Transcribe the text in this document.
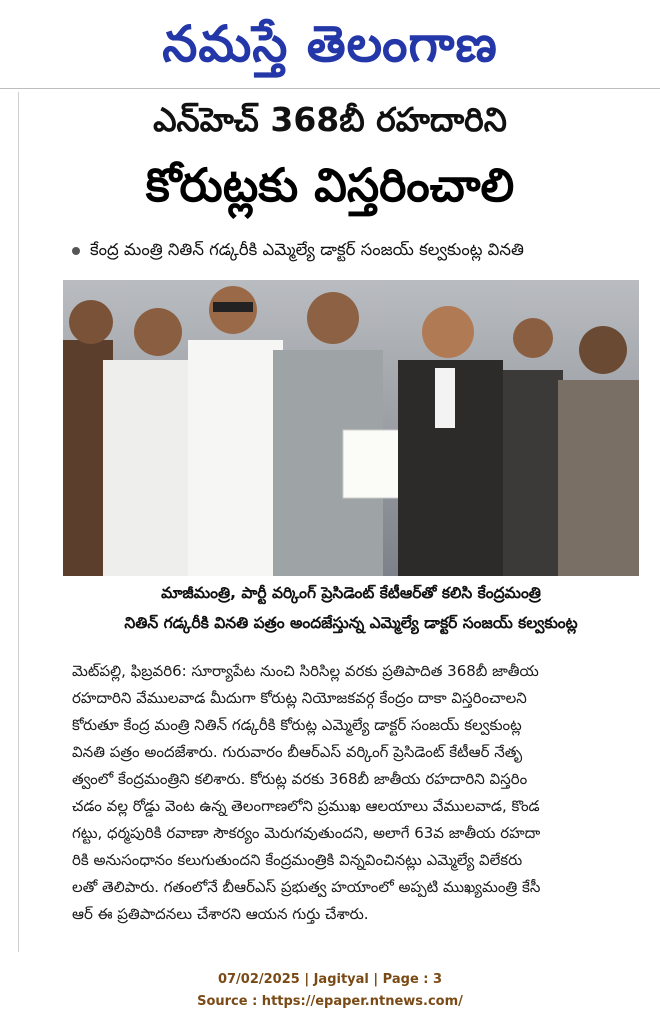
నమస్తే తెలంగాణ
ఎన్‌హెచ్ 368బీ రహదారిని
కోరుట్లకు విస్తరించాలి
కేంద్ర మంత్రి నితిన్ గడ్కరీకి ఎమ్మెల్యే డాక్టర్ సంజయ్ కల్వకుంట్ల వినతి
మాజీమంత్రి, పార్టీ వర్కింగ్ ప్రెసిడెంట్ కేటీఆర్‌తో కలిసి కేంద్రమంత్రి
నితిన్ గడ్కరీకి వినతి పత్రం అందజేస్తున్న ఎమ్మెల్యే డాక్టర్ సంజయ్ కల్వకుంట్ల
మెట్‌పల్లి, ఫిబ్రవరి6: సూర్యాపేట నుంచి సిరిసిల్ల వరకు ప్రతిపాదిత 368బీ జాతీయ
రహదారిని వేములవాడ మీదుగా కోరుట్ల నియోజకవర్గ కేంద్రం దాకా విస్తరించాలని
కోరుతూ కేంద్ర మంత్రి నితిన్ గడ్కరీకి కోరుట్ల ఎమ్మెల్యే డాక్టర్ సంజయ్ కల్వకుంట్ల
వినతి పత్రం అందజేశారు. గురువారం బీఆర్‌ఎస్ వర్కింగ్ ప్రెసిడెంట్ కేటీఆర్ నేతృ
త్వంలో కేంద్రమంత్రిని కలిశారు. కోరుట్ల వరకు 368బీ జాతీయ రహదారిని విస్తరిం
చడం వల్ల రోడ్డు వెంట ఉన్న తెలంగాణలోని ప్రముఖ ఆలయాలు వేములవాడ, కొండ
గట్టు, ధర్మపురికి రవాణా సౌకర్యం మెరుగవుతుందని, అలాగే 63వ జాతీయ రహదా
రికి అనుసంధానం కలుగుతుందని కేంద్రమంత్రికి విన్నవించినట్లు ఎమ్మెల్యే విలేకరు
లతో తెలిపారు. గతంలోనే బీఆర్‌ఎస్ ప్రభుత్వ హయాంలో అప్పటి ముఖ్యమంత్రి కేసీ
ఆర్ ఈ ప్రతిపాదనలు చేశారని ఆయన గుర్తు చేశారు.
07/02/2025 | Jagityal | Page : 3
Source : https://epaper.ntnews.com/
